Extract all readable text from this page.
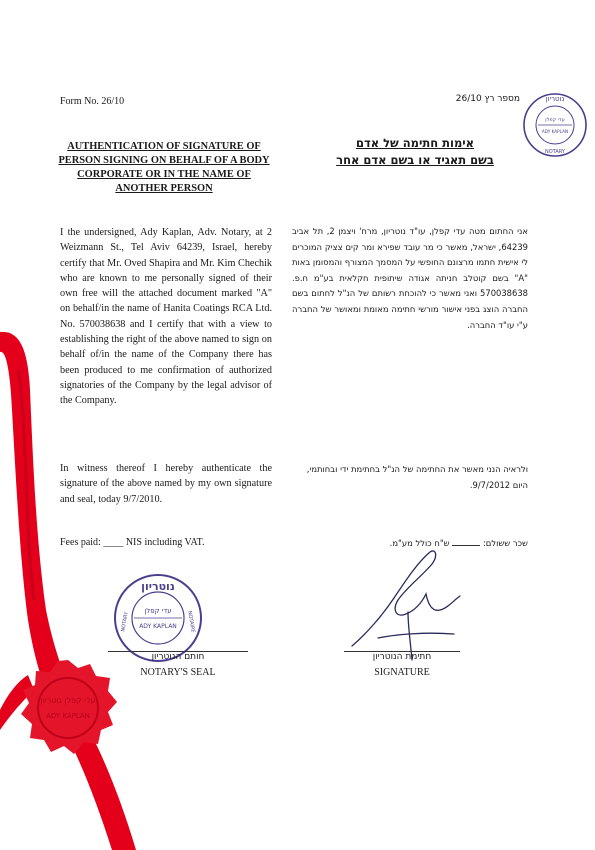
Form No. 26/10	מספר רץ 26/10
AUTHENTICATION OF SIGNATURE OF PERSON SIGNING ON BEHALF OF A BODY CORPORATE OR IN THE NAME OF ANOTHER PERSON
אימות חתימה של אדם
בשם תאגיד או בשם אדם אחר
I the undersigned, Ady Kaplan, Adv. Notary, at 2 Weizmann St., Tel Aviv 64239, Israel, hereby certify that Mr. Oved Shapira and Mr. Kim Chechik who are known to me personally signed of their own free will the attached document marked "A" on behalf/in the name of Hanita Coatings RCA Ltd. No. 570038638 and I certify that with a view to establishing the right of the above named to sign on behalf of/in the name of the Company there has been produced to me confirmation of authorized signatories of the Company by the legal advisor of the Company.
אני החתום מטה עדי קפלן, עו"ד נוטריון, מרח' ויצמן 2, תל אביב 64239, ישראל, מאשר כי מר עובד שפירא ומר קים צציק המוכרים לי אישית חתמו מרצונם החופשי על המסמך המצורף והמסומן באות "A" בשם קוטלב חניתה אגודה שיתופית חקלאית בע"מ ח.פ. 570038638 ואני מאשר כי להוכחת רשותם של הנ"ל לחתום בשם החברה הוצג בפני אישור מורשי חתימה מאומת ומאושר של החברה ע"י עו"ד החברה.
In witness thereof I hereby authenticate the signature of the above named by my own signature and seal, today 9/7/2010.
ולראיה הנני מאשר את החתימה של הנ"ל בחתימת ידי ובחותמי, היום 9/7/2012.
Fees paid: ____ NIS including VAT.	שכר ששולם:  ש"ח כולל מע"מ.
נוטריון
עדי קפלן
ADY KAPLAN
NOTARY
עדי קפלן נוטריון
ADY KAPLAN
נוטריון
עדי קפלן
ADY KAPLAN
NOTARY	NOTAIRE
חותם הנוטריון
NOTARY'S SEAL
חתימת הנוטריון
SIGNATURE
